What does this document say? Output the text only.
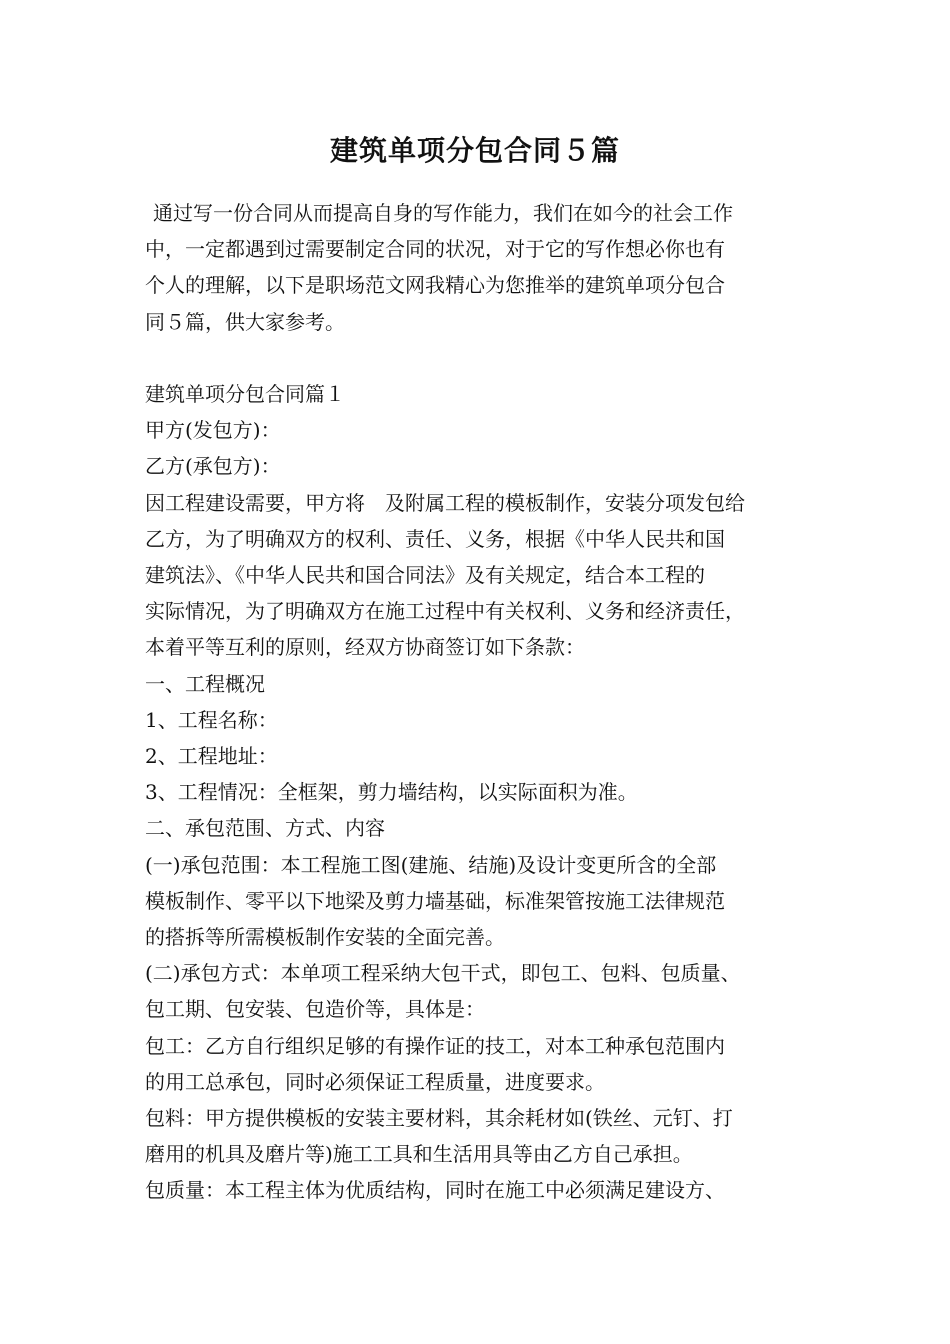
建筑单项分包合同５篇

通过写一份合同从而提高自身的写作能力，我们在如今的社会工作

中，一定都遇到过需要制定合同的状况，对于它的写作想必你也有

个人的理解，以下是职场范文网我精心为您推举的建筑单项分包合

同５篇，供大家参考。

建筑单项分包合同篇１

甲方(发包方)：

乙方(承包方)：

因工程建设需要，甲方将　及附属工程的模板制作，安装分项发包给

乙方，为了明确双方的权利、责任、义务，根据《中华人民共和国

建筑法》、《中华人民共和国合同法》及有关规定，结合本工程的

实际情况，为了明确双方在施工过程中有关权利、义务和经济责任，

本着平等互利的原则，经双方协商签订如下条款：

一、工程概况

1、工程名称：

2、工程地址：

3、工程情况：全框架，剪力墙结构，以实际面积为准。

二、承包范围、方式、内容

(一)承包范围：本工程施工图(建施、结施)及设计变更所含的全部

模板制作、零平以下地梁及剪力墙基础，标准架管按施工法律规范

的搭拆等所需模板制作安装的全面完善。

(二)承包方式：本单项工程采纳大包干式，即包工、包料、包质量、

包工期、包安装、包造价等，具体是：

包工：乙方自行组织足够的有操作证的技工，对本工种承包范围内

的用工总承包，同时必须保证工程质量，进度要求。

包料：甲方提供模板的安装主要材料，其余耗材如(铁丝、元钉、打

磨用的机具及磨片等)施工工具和生活用具等由乙方自己承担。

包质量：本工程主体为优质结构，同时在施工中必须满足建设方、
